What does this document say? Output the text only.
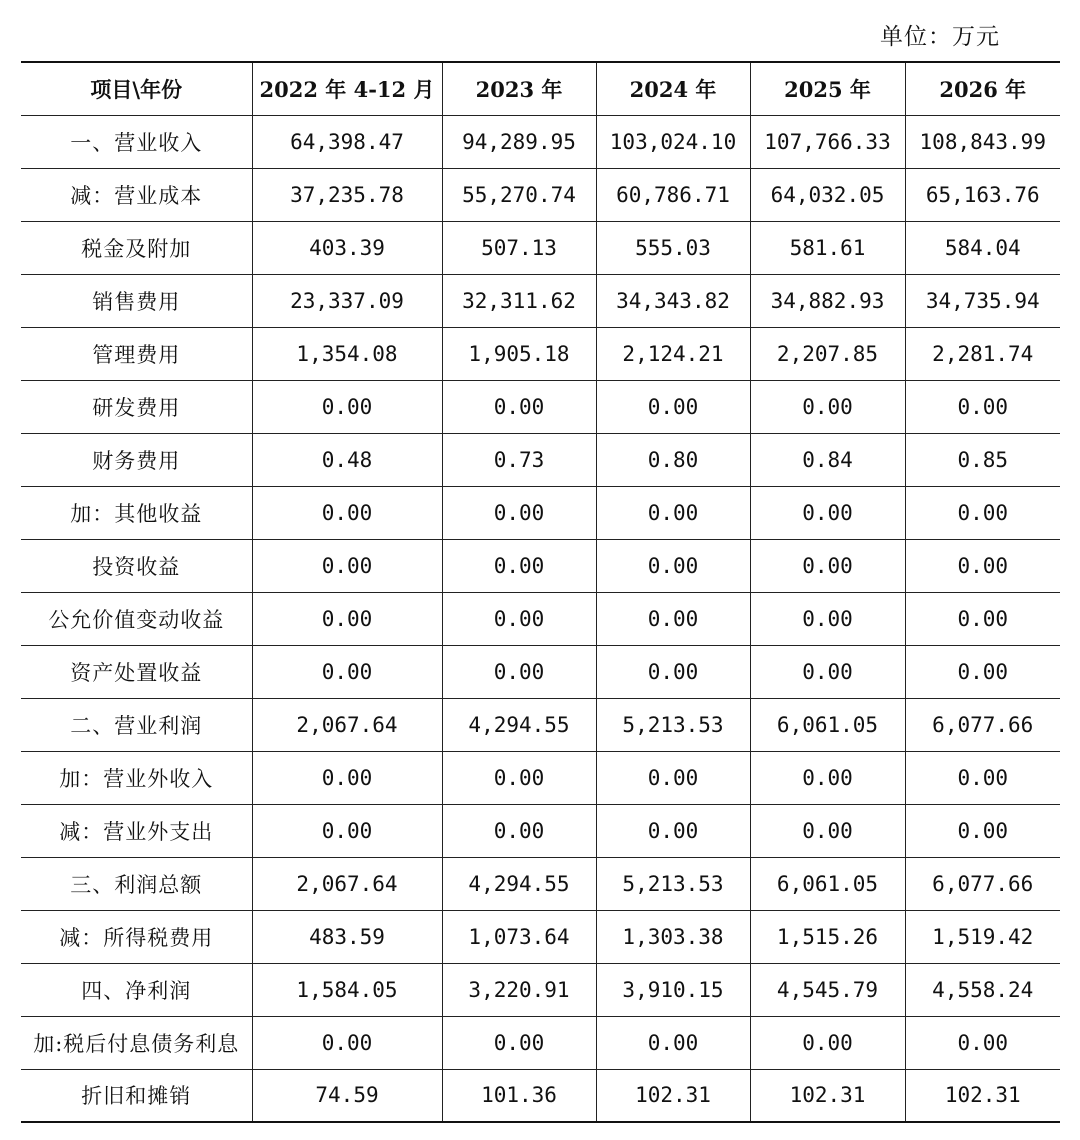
单位：万元
项目\年份	2022 年 4-12 月	2023 年	2024 年	2025 年	2026 年
一、营业收入	64,398.47	94,289.95	103,024.10	107,766.33	108,843.99
减：营业成本	37,235.78	55,270.74	60,786.71	64,032.05	65,163.76
税金及附加	403.39	507.13	555.03	581.61	584.04
销售费用	23,337.09	32,311.62	34,343.82	34,882.93	34,735.94
管理费用	1,354.08	1,905.18	2,124.21	2,207.85	2,281.74
研发费用	0.00	0.00	0.00	0.00	0.00
财务费用	0.48	0.73	0.80	0.84	0.85
加：其他收益	0.00	0.00	0.00	0.00	0.00
投资收益	0.00	0.00	0.00	0.00	0.00
公允价值变动收益	0.00	0.00	0.00	0.00	0.00
资产处置收益	0.00	0.00	0.00	0.00	0.00
二、营业利润	2,067.64	4,294.55	5,213.53	6,061.05	6,077.66
加：营业外收入	0.00	0.00	0.00	0.00	0.00
减：营业外支出	0.00	0.00	0.00	0.00	0.00
三、利润总额	2,067.64	4,294.55	5,213.53	6,061.05	6,077.66
减：所得税费用	483.59	1,073.64	1,303.38	1,515.26	1,519.42
四、净利润	1,584.05	3,220.91	3,910.15	4,545.79	4,558.24
加:税后付息债务利息	0.00	0.00	0.00	0.00	0.00
折旧和摊销	74.59	101.36	102.31	102.31	102.31
